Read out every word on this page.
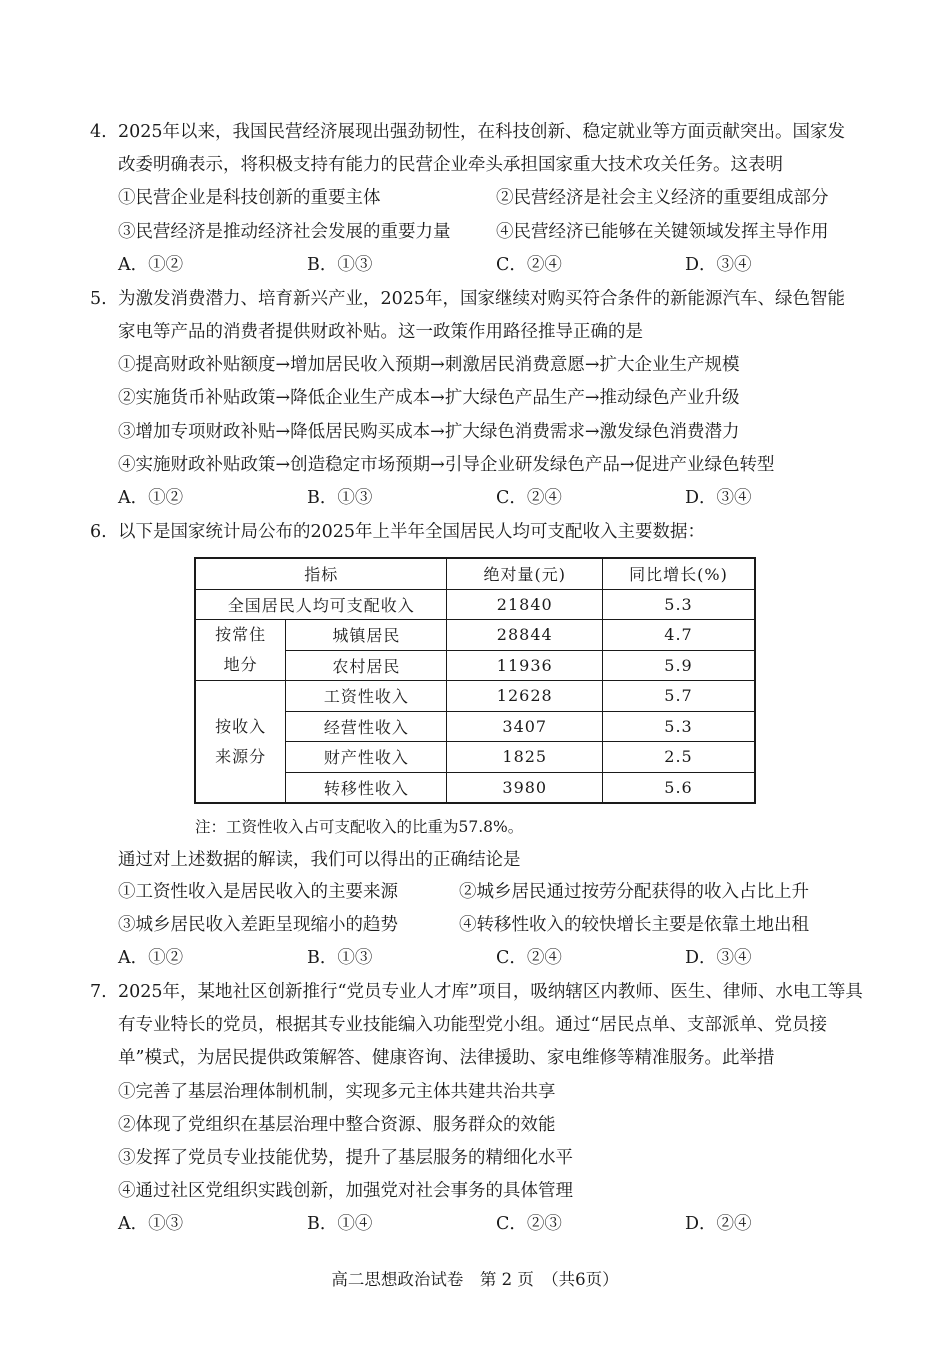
4. 2025年以来，我国民营经济展现出强劲韧性，在科技创新、稳定就业等方面贡献突出。国家发
改委明确表示，将积极支持有能力的民营企业牵头承担国家重大技术攻关任务。这表明
①民营企业是科技创新的重要主体	②民营经济是社会主义经济的重要组成部分
③民营经济是推动经济社会发展的重要力量	④民营经济已能够在关键领域发挥主导作用
A．①②	B．①③	C．②④	D．③④
5. 为激发消费潜力、培育新兴产业，2025年，国家继续对购买符合条件的新能源汽车、绿色智能
家电等产品的消费者提供财政补贴。这一政策作用路径推导正确的是
①提高财政补贴额度→增加居民收入预期→刺激居民消费意愿→扩大企业生产规模
②实施货币补贴政策→降低企业生产成本→扩大绿色产品生产→推动绿色产业升级
③增加专项财政补贴→降低居民购买成本→扩大绿色消费需求→激发绿色消费潜力
④实施财政补贴政策→创造稳定市场预期→引导企业研发绿色产品→促进产业绿色转型
A．①②	B．①③	C．②④	D．③④
6. 以下是国家统计局公布的2025年上半年全国居民人均可支配收入主要数据：
指标		绝对量(元)	同比增长(%)
全国居民人均可支配收入		21840	5.3

按常住
地分	城镇居民	28844	4.7
	农村居民	11936	5.9

按收入
来源分	工资性收入	12628	5.7
	经营性收入	3407	5.3
	财产性收入	1825	2.5
	转移性收入	3980	5.6
注：工资性收入占可支配收入的比重为57.8%。
通过对上述数据的解读，我们可以得出的正确结论是
①工资性收入是居民收入的主要来源	②城乡居民通过按劳分配获得的收入占比上升
③城乡居民收入差距呈现缩小的趋势	④转移性收入的较快增长主要是依靠土地出租
A．①②	B．①③	C．②④	D．③④
7. 2025年，某地社区创新推行“党员专业人才库”项目，吸纳辖区内教师、医生、律师、水电工等具
有专业特长的党员，根据其专业技能编入功能型党小组。通过“居民点单、支部派单、党员接
单”模式，为居民提供政策解答、健康咨询、法律援助、家电维修等精准服务。此举措
①完善了基层治理体制机制，实现多元主体共建共治共享
②体现了党组织在基层治理中整合资源、服务群众的效能
③发挥了党员专业技能优势，提升了基层服务的精细化水平
④通过社区党组织实践创新，加强党对社会事务的具体管理
A．①③	B．①④	C．②③	D．②④
高二思想政治试卷　第 2 页　（共6页）
